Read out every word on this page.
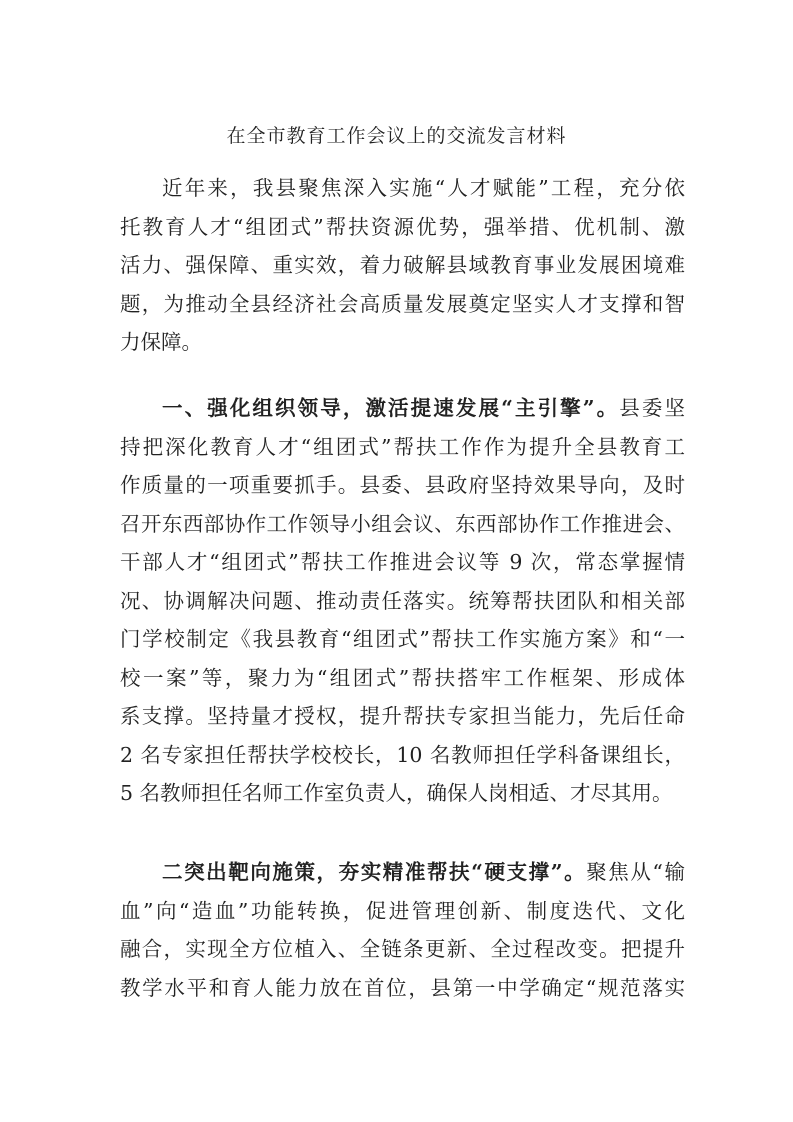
在全市教育工作会议上的交流发言材料
近年来，我县聚焦深入实施“人才赋能”工程，充分依
托教育人才“组团式”帮扶资源优势，强举措、优机制、激
活力、强保障、重实效，着力破解县域教育事业发展困境难
题，为推动全县经济社会高质量发展奠定坚实人才支撑和智
力保障。
一、强化组织领导，激活提速发展“主引擎”。县委坚
持把深化教育人才“组团式”帮扶工作作为提升全县教育工
作质量的一项重要抓手。县委、县政府坚持效果导向，及时
召开东西部协作工作领导小组会议、东西部协作工作推进会、
干部人才“组团式”帮扶工作推进会议等 9 次，常态掌握情
况、协调解决问题、推动责任落实。统筹帮扶团队和相关部
门学校制定《我县教育“组团式”帮扶工作实施方案》和“一
校一案”等，聚力为“组团式”帮扶搭牢工作框架、形成体
系支撑。坚持量才授权，提升帮扶专家担当能力，先后任命
2 名专家担任帮扶学校校长，10 名教师担任学科备课组长，
5 名教师担任名师工作室负责人，确保人岗相适、才尽其用。
二突出靶向施策，夯实精准帮扶“硬支撑”。聚焦从“输
血”向“造血”功能转换，促进管理创新、制度迭代、文化
融合，实现全方位植入、全链条更新、全过程改变。把提升
教学水平和育人能力放在首位，县第一中学确定“规范落实
